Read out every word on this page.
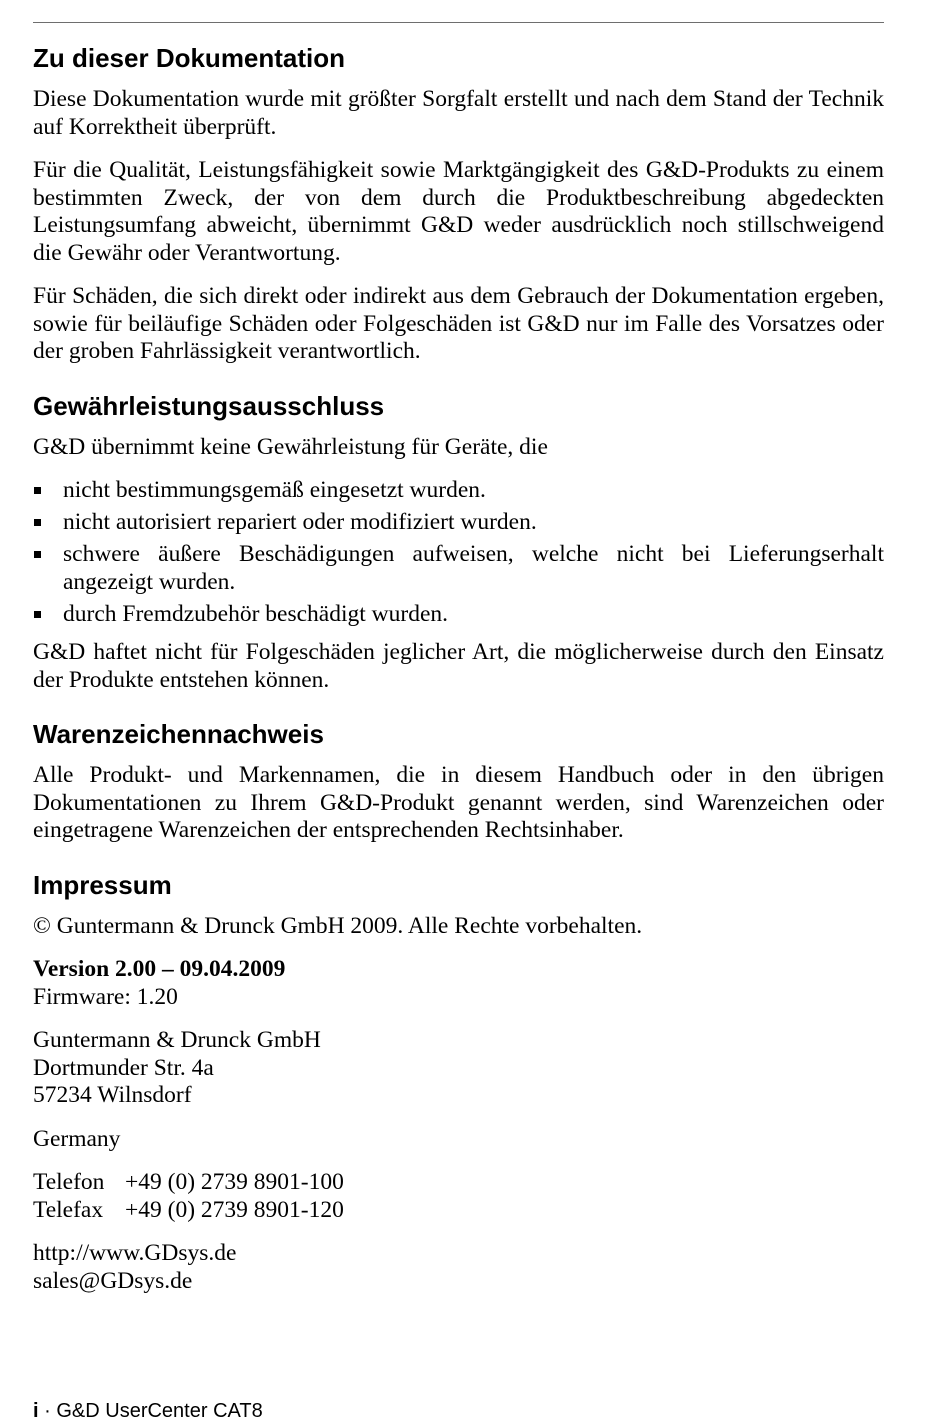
Zu dieser Dokumentation

Diese Dokumentation wurde mit größter Sorgfalt erstellt und nach dem Stand der Technik auf Korrektheit überprüft.

Für die Qualität, Leistungsfähigkeit sowie Marktgängigkeit des G&D-Produkts zu einem bestimmten Zweck, der von dem durch die Produktbeschreibung abgedeckten Leistungsumfang abweicht, übernimmt G&D weder ausdrücklich noch stillschweigend die Gewähr oder Verantwortung.

Für Schäden, die sich direkt oder indirekt aus dem Gebrauch der Dokumentation ergeben, sowie für beiläufige Schäden oder Folgeschäden ist G&D nur im Falle des Vorsatzes oder der groben Fahrlässigkeit verantwortlich.

Gewährleistungsausschluss

G&D übernimmt keine Gewährleistung für Geräte, die

nicht bestimmungsgemäß eingesetzt wurden.
nicht autorisiert repariert oder modifiziert wurden.
schwere äußere Beschädigungen aufweisen, welche nicht bei Lieferungserhalt angezeigt wurden.
durch Fremdzubehör beschädigt wurden.

G&D haftet nicht für Folgeschäden jeglicher Art, die möglicherweise durch den Einsatz der Produkte entstehen können.

Warenzeichennachweis

Alle Produkt- und Markennamen, die in diesem Handbuch oder in den übrigen Dokumentationen zu Ihrem G&D-Produkt genannt werden, sind Warenzeichen oder eingetragene Warenzeichen der entsprechenden Rechtsinhaber.

Impressum

© Guntermann & Drunck GmbH 2009. Alle Rechte vorbehalten.

Version 2.00 – 09.04.2009

Firmware: 1.20

Guntermann & Drunck GmbH

Dortmunder Str. 4a

57234 Wilnsdorf

Germany

Telefon +49 (0) 2739 8901-100

Telefax +49 (0) 2739 8901-120

http://www.GDsys.de

sales@GDsys.de

i · G&D UserCenter CAT8
